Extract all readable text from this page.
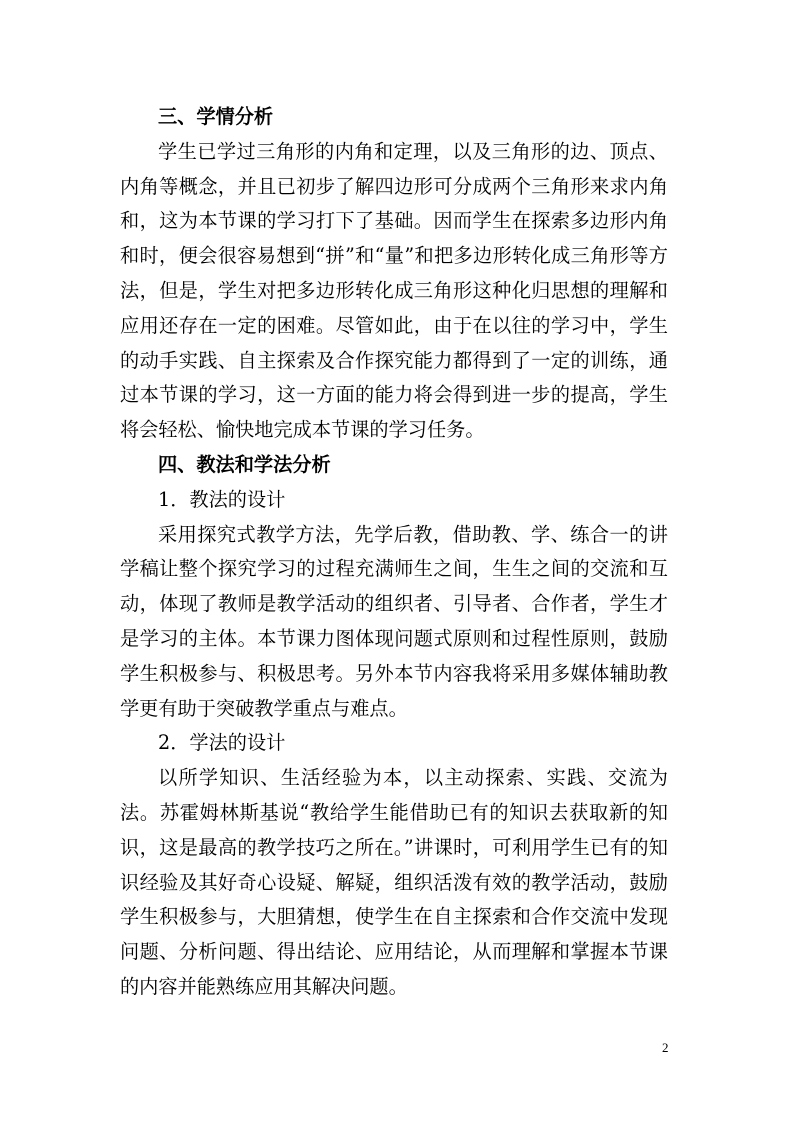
三、学情分析

学生已学过三角形的内角和定理，以及三角形的边、顶点、内角等概念，并且已初步了解四边形可分成两个三角形来求内角和，这为本节课的学习打下了基础。因而学生在探索多边形内角和时，便会很容易想到“拼”和“量”和把多边形转化成三角形等方法，但是，学生对把多边形转化成三角形这种化归思想的理解和应用还存在一定的困难。尽管如此，由于在以往的学习中，学生的动手实践、自主探索及合作探究能力都得到了一定的训练，通过本节课的学习，这一方面的能力将会得到进一步的提高，学生将会轻松、愉快地完成本节课的学习任务。

四、教法和学法分析

1．教法的设计

采用探究式教学方法，先学后教，借助教、学、练合一的讲学稿让整个探究学习的过程充满师生之间，生生之间的交流和互动，体现了教师是教学活动的组织者、引导者、合作者，学生才是学习的主体。本节课力图体现问题式原则和过程性原则，鼓励学生积极参与、积极思考。另外本节内容我将采用多媒体辅助教学更有助于突破教学重点与难点。

2．学法的设计

以所学知识、生活经验为本，以主动探索、实践、交流为法。苏霍姆林斯基说“教给学生能借助已有的知识去获取新的知识，这是最高的教学技巧之所在。”讲课时，可利用学生已有的知识经验及其好奇心设疑、解疑，组织活泼有效的教学活动，鼓励学生积极参与，大胆猜想，使学生在自主探索和合作交流中发现问题、分析问题、得出结论、应用结论，从而理解和掌握本节课的内容并能熟练应用其解决问题。

2
